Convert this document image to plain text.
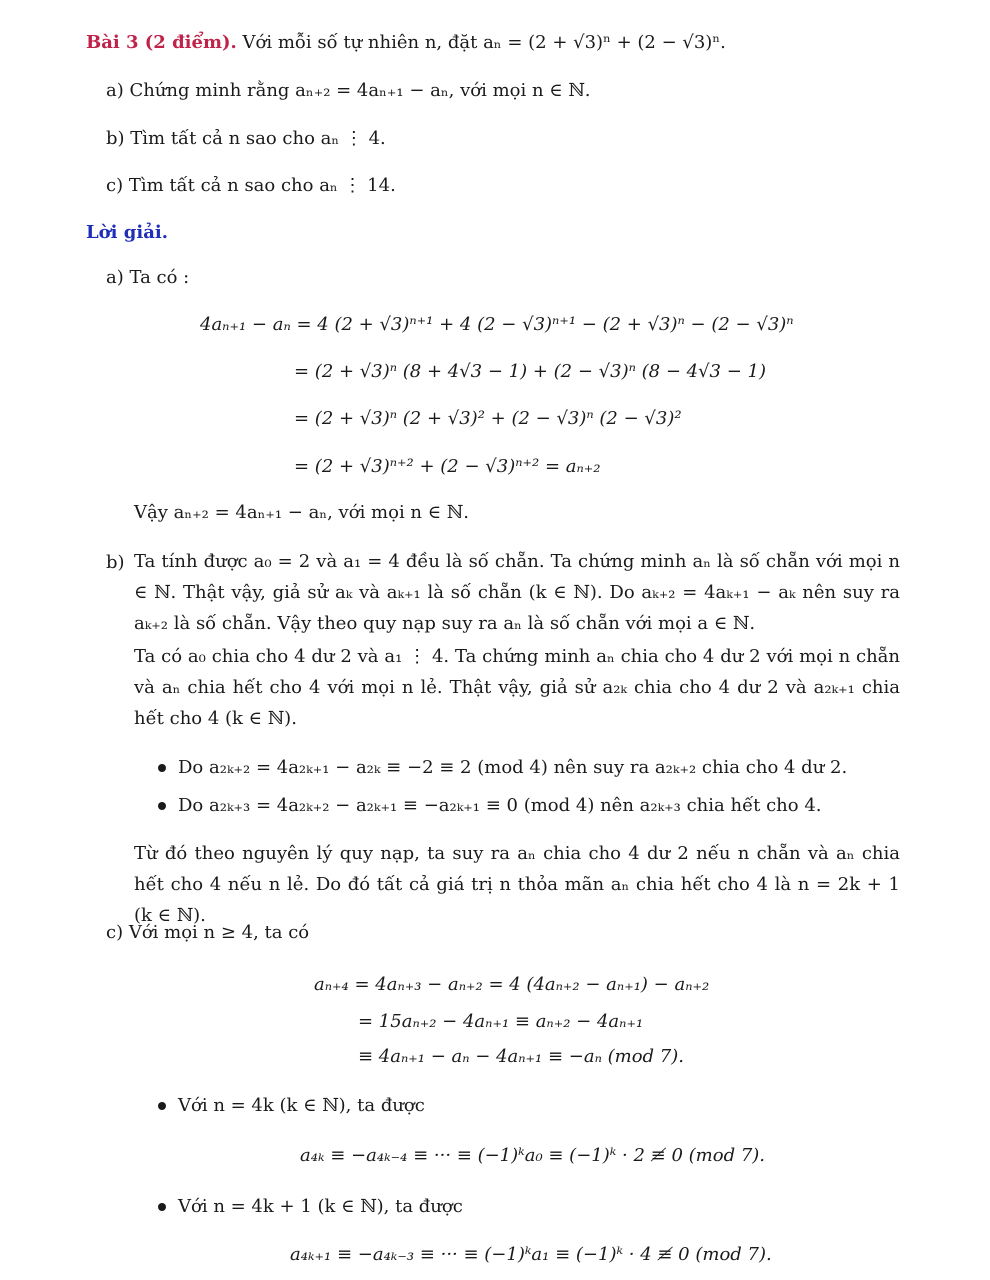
Bài 3 (2 điểm). Với mỗi số tự nhiên n, đặt aₙ = (2 + √3)ⁿ + (2 − √3)ⁿ.
a) Chứng minh rằng aₙ₊₂ = 4aₙ₊₁ − aₙ, với mọi n ∈ ℕ.
b) Tìm tất cả n sao cho aₙ ⋮ 4.
c) Tìm tất cả n sao cho aₙ ⋮ 14.
Lời giải.
a) Ta có :
4aₙ₊₁ − aₙ = 4 (2 + √3)ⁿ⁺¹ + 4 (2 − √3)ⁿ⁺¹ − (2 + √3)ⁿ − (2 − √3)ⁿ
= (2 + √3)ⁿ (8 + 4√3 − 1) + (2 − √3)ⁿ (8 − 4√3 − 1)
= (2 + √3)ⁿ (2 + √3)² + (2 − √3)ⁿ (2 − √3)²
= (2 + √3)ⁿ⁺² + (2 − √3)ⁿ⁺² = aₙ₊₂
Vậy aₙ₊₂ = 4aₙ₊₁ − aₙ, với mọi n ∈ ℕ.
b) Ta tính được a₀ = 2 và a₁ = 4 đều là số chẵn. Ta chứng minh aₙ là số chẵn với mọi n ∈ ℕ. Thật vậy, giả sử aₖ và aₖ₊₁ là số chẵn (k ∈ ℕ). Do aₖ₊₂ = 4aₖ₊₁ − aₖ nên suy ra aₖ₊₂ là số chẵn. Vậy theo quy nạp suy ra aₙ là số chẵn với mọi a ∈ ℕ.
Ta có a₀ chia cho 4 dư 2 và a₁ ⋮ 4. Ta chứng minh aₙ chia cho 4 dư 2 với mọi n chẵn và aₙ chia hết cho 4 với mọi n lẻ. Thật vậy, giả sử a₂ₖ chia cho 4 dư 2 và a₂ₖ₊₁ chia hết cho 4 (k ∈ ℕ).
Do a₂ₖ₊₂ = 4a₂ₖ₊₁ − a₂ₖ ≡ −2 ≡ 2 (mod 4) nên suy ra a₂ₖ₊₂ chia cho 4 dư 2.
Do a₂ₖ₊₃ = 4a₂ₖ₊₂ − a₂ₖ₊₁ ≡ −a₂ₖ₊₁ ≡ 0 (mod 4) nên a₂ₖ₊₃ chia hết cho 4.
Từ đó theo nguyên lý quy nạp, ta suy ra aₙ chia cho 4 dư 2 nếu n chẵn và aₙ chia hết cho 4 nếu n lẻ. Do đó tất cả giá trị n thỏa mãn aₙ chia hết cho 4 là n = 2k + 1 (k ∈ ℕ).
c) Với mọi n ≥ 4, ta có
aₙ₊₄ = 4aₙ₊₃ − aₙ₊₂ = 4 (4aₙ₊₂ − aₙ₊₁) − aₙ₊₂
= 15aₙ₊₂ − 4aₙ₊₁ ≡ aₙ₊₂ − 4aₙ₊₁
≡ 4aₙ₊₁ − aₙ − 4aₙ₊₁ ≡ −aₙ (mod 7).
Với n = 4k (k ∈ ℕ), ta được
a₄ₖ ≡ −a₄ₖ₋₄ ≡ ··· ≡ (−1)ᵏa₀ ≡ (−1)ᵏ · 2 ≢ 0 (mod 7).
Với n = 4k + 1 (k ∈ ℕ), ta được
a₄ₖ₊₁ ≡ −a₄ₖ₋₃ ≡ ··· ≡ (−1)ᵏa₁ ≡ (−1)ᵏ · 4 ≢ 0 (mod 7).
